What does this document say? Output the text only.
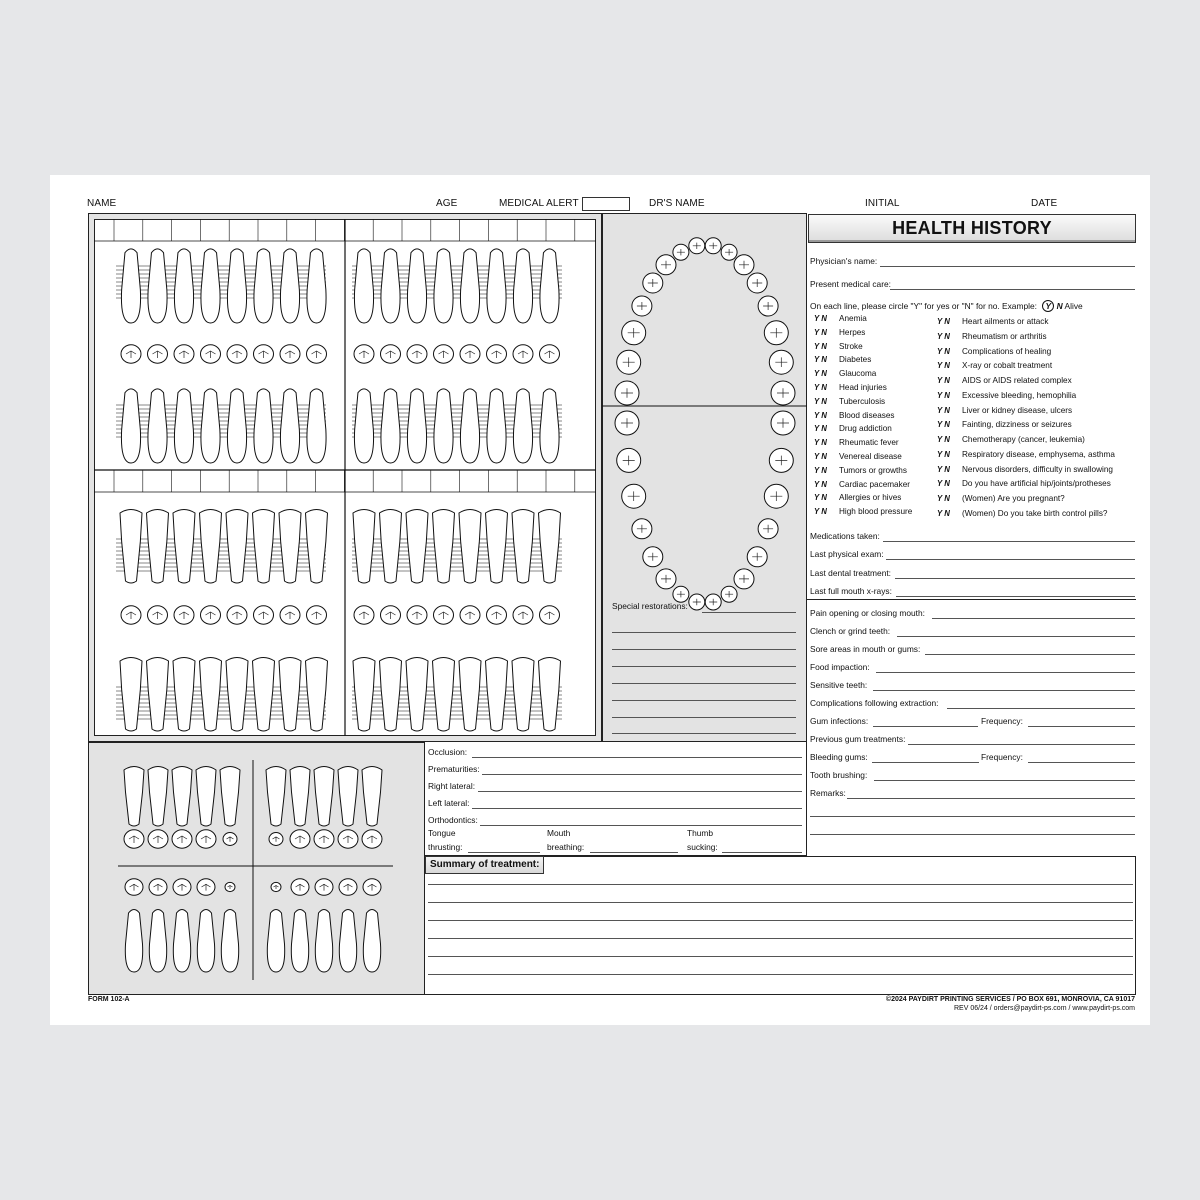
NAME	AGE	MEDICAL ALERT	DR'S NAME	INITIAL	DATE
Special restorations:
Occlusion:
Prematurities:
Right lateral:
Left lateral:
Orthodontics:
Tongue
thrusting:
Mouth
breathing:
Thumb
sucking:
Summary of treatment:
HEALTH HISTORY
Physician's name:
Present medical care:
On each line, please circle "Y" for yes or "N" for no. Example: Y N Alive
Y N Anemia
Y N Herpes
Y N Stroke
Y N Diabetes
Y N Glaucoma
Y N Head injuries
Y N Tuberculosis
Y N Blood diseases
Y N Drug addiction
Y N Rheumatic fever
Y N Venereal disease
Y N Tumors or growths
Y N Cardiac pacemaker
Y N Allergies or hives
Y N High blood pressure
Y N Heart ailments or attack
Y N Rheumatism or arthritis
Y N Complications of healing
Y N X-ray or cobalt treatment
Y N AIDS or AIDS related complex
Y N Excessive bleeding, hemophilia
Y N Liver or kidney disease, ulcers
Y N Fainting, dizziness or seizures
Y N Chemotherapy (cancer, leukemia)
Y N Respiratory disease, emphysema, asthma
Y N Nervous disorders, difficulty in swallowing
Y N Do you have artificial hip/joints/protheses
Y N (Women) Are you pregnant?
Y N (Women) Do you take birth control pills?
Medications taken:
Last physical exam:
Last dental treatment:
Last full mouth x-rays:
Pain opening or closing mouth:
Clench or grind teeth:
Sore areas in mouth or gums:
Food impaction:
Sensitive teeth:
Complications following extraction:
Gum infections:	Frequency:
Previous gum treatments:
Bleeding gums:	Frequency:
Tooth brushing:
Remarks:
FORM 102-A	©2024 PAYDIRT PRINTING SERVICES / PO BOX 691, MONROVIA, CA 91017
REV 06/24 / orders@paydirt-ps.com / www.paydirt-ps.com
